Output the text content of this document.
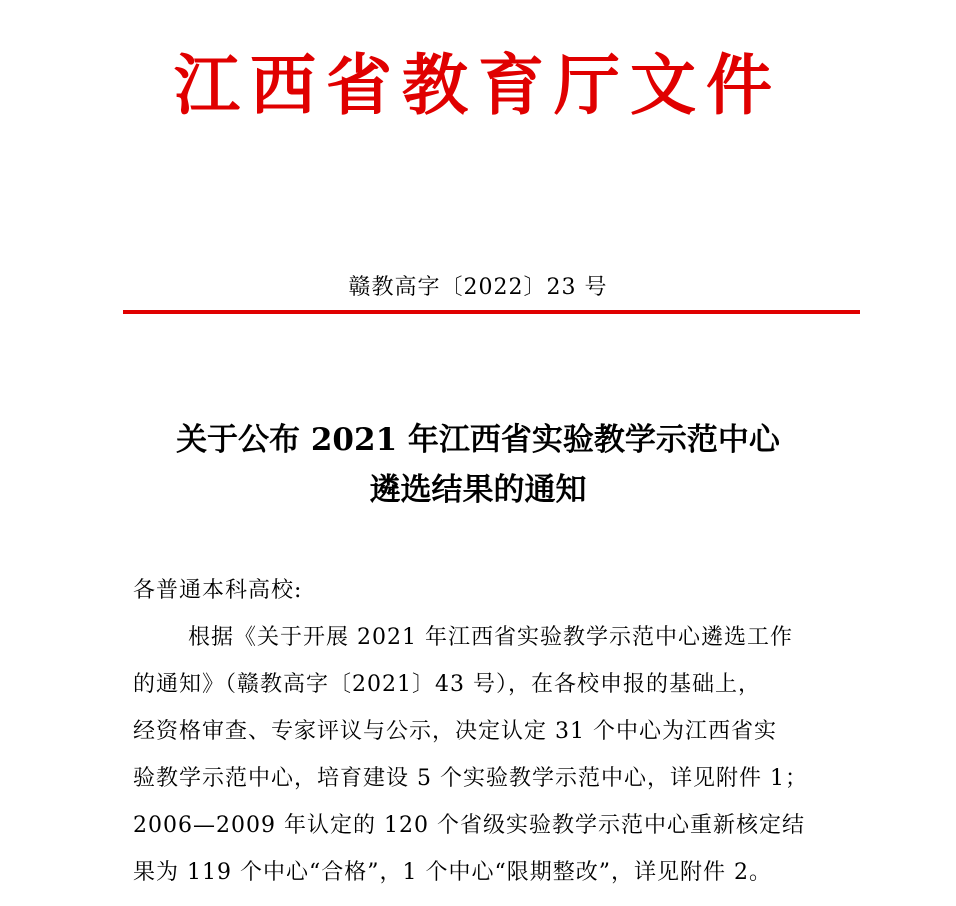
江西省教育厅文件
赣教高字〔2022〕23 号
关于公布 2021 年江西省实验教学示范中心
遴选结果的通知
各普通本科高校:
根据《关于开展 2021 年江西省实验教学示范中心遴选工作
的通知》（赣教高字〔2021〕43 号），在各校申报的基础上，
经资格审查、专家评议与公示，决定认定 31 个中心为江西省实
验教学示范中心，培育建设 5 个实验教学示范中心，详见附件 1；
2006—2009 年认定的 120 个省级实验教学示范中心重新核定结
果为 119 个中心“合格”，1 个中心“限期整改”，详见附件 2。
